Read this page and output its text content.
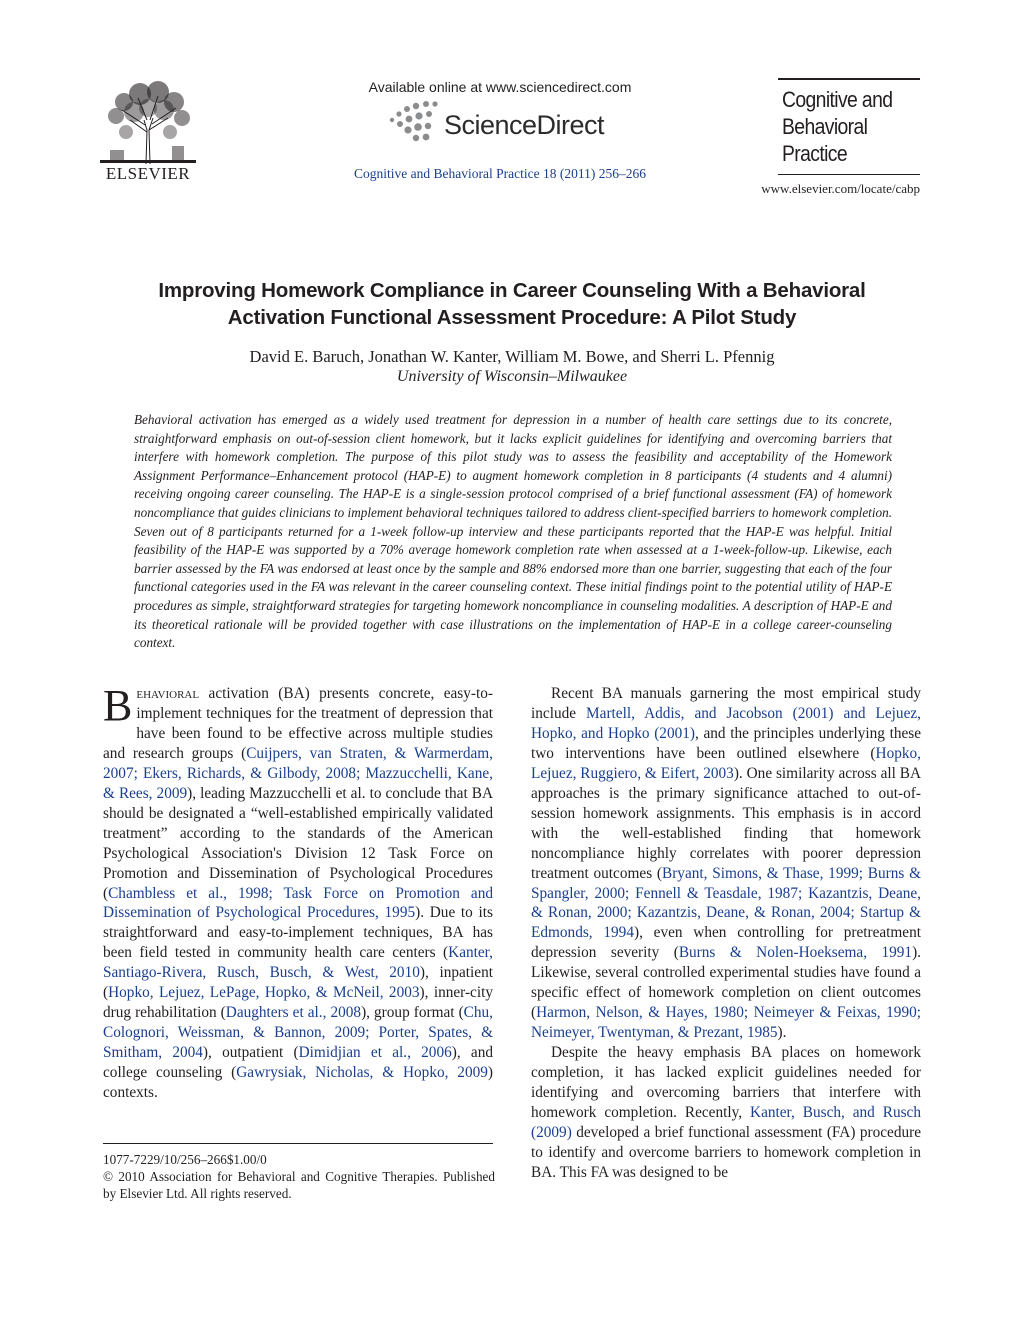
ELSEVIER
Available online at www.sciencedirect.com
ScienceDirect
Cognitive and Behavioral Practice 18 (2011) 256–266
Cognitive and
Behavioral
Practice
www.elsevier.com/locate/cabp
Improving Homework Compliance in Career Counseling With a Behavioral
Activation Functional Assessment Procedure: A Pilot Study
David E. Baruch, Jonathan W. Kanter, William M. Bowe, and Sherri L. Pfennig
University of Wisconsin–Milwaukee
Behavioral activation has emerged as a widely used treatment for depression in a number of health care settings due to its concrete, straightforward emphasis on out-of-session client homework, but it lacks explicit guidelines for identifying and overcoming barriers that interfere with homework completion. The purpose of this pilot study was to assess the feasibility and acceptability of the Homework Assignment Performance–Enhancement protocol (HAP-E) to augment homework completion in 8 participants (4 students and 4 alumni) receiving ongoing career counseling. The HAP-E is a single-session protocol comprised of a brief functional assessment (FA) of homework noncompliance that guides clinicians to implement behavioral techniques tailored to address client-specified barriers to homework completion. Seven out of 8 participants returned for a 1-week follow-up interview and these participants reported that the HAP-E was helpful. Initial feasibility of the HAP-E was supported by a 70% average homework completion rate when assessed at a 1-week-follow-up. Likewise, each barrier assessed by the FA was endorsed at least once by the sample and 88% endorsed more than one barrier, suggesting that each of the four functional categories used in the FA was relevant in the career counseling context. These initial findings point to the potential utility of HAP-E procedures as simple, straightforward strategies for targeting homework noncompliance in counseling modalities. A description of HAP-E and its theoretical rationale will be provided together with case illustrations on the implementation of HAP-E in a college career-counseling context.

Behavioral activation (BA) presents concrete, easy-to-implement techniques for the treatment of depression that have been found to be effective across multiple studies and research groups (Cuijpers, van Straten, & Warmerdam, 2007; Ekers, Richards, & Gilbody, 2008; Mazzucchelli, Kane, & Rees, 2009), leading Mazzucchelli et al. to conclude that BA should be designated a “well-established empirically validated treatment” according to the standards of the American Psychological Association's Division 12 Task Force on Promotion and Dissemination of Psychological Procedures (Chambless et al., 1998; Task Force on Promotion and Dissemination of Psychological Procedures, 1995). Due to its straightforward and easy-to-implement techniques, BA has been field tested in community health care centers (Kanter, Santiago-Rivera, Rusch, Busch, & West, 2010), inpatient (Hopko, Lejuez, LePage, Hopko, & McNeil, 2003), inner-city drug rehabilitation (Daughters et al., 2008), group format (Chu, Colognori, Weissman, & Bannon, 2009; Porter, Spates, & Smitham, 2004), outpatient (Dimidjian et al., 2006), and college counseling (Gawrysiak, Nicholas, & Hopko, 2009) contexts.

1077-7229/10/256–266$1.00/0
© 2010 Association for Behavioral and Cognitive Therapies. Published by Elsevier Ltd. All rights reserved.

Recent BA manuals garnering the most empirical study include Martell, Addis, and Jacobson (2001) and Lejuez, Hopko, and Hopko (2001), and the principles underlying these two interventions have been outlined elsewhere (Hopko, Lejuez, Ruggiero, & Eifert, 2003). One similarity across all BA approaches is the primary significance attached to out-of-session homework assignments. This emphasis is in accord with the well-established finding that homework noncompliance highly correlates with poorer depression treatment outcomes (Bryant, Simons, & Thase, 1999; Burns & Spangler, 2000; Fennell & Teasdale, 1987; Kazantzis, Deane, & Ronan, 2000; Kazantzis, Deane, & Ronan, 2004; Startup & Edmonds, 1994), even when controlling for pretreatment depression severity (Burns & Nolen-Hoeksema, 1991). Likewise, several controlled experimental studies have found a specific effect of homework completion on client outcomes (Harmon, Nelson, & Hayes, 1980; Neimeyer & Feixas, 1990; Neimeyer, Twentyman, & Prezant, 1985).

Despite the heavy emphasis BA places on homework completion, it has lacked explicit guidelines needed for identifying and overcoming barriers that interfere with homework completion. Recently, Kanter, Busch, and Rusch (2009) developed a brief functional assessment (FA) procedure to identify and overcome barriers to homework completion in BA. This FA was designed to be
